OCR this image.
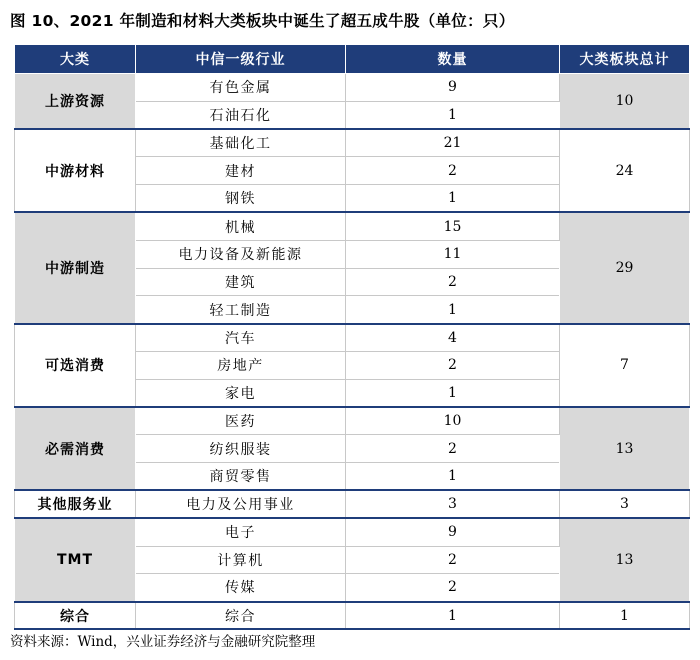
图 10、2021 年制造和材料大类板块中诞生了超五成牛股（单位：只）
大类	中信一级行业	数量	大类板块总计
上游资源	有色金属	9	10
	石油石化	1	
中游材料	基础化工	21	24
	建材	2	
	钢铁	1	
中游制造	机械	15	29
	电力设备及新能源	11	
	建筑	2	
	轻工制造	1	
可选消费	汽车	4	7
	房地产	2	
	家电	1	
必需消费	医药	10	13
	纺织服装	2	
	商贸零售	1	
其他服务业	电力及公用事业	3	3
TMT	电子	9	13
	计算机	2	
	传媒	2	
综合	综合	1	1
资料来源：Wind，兴业证券经济与金融研究院整理
